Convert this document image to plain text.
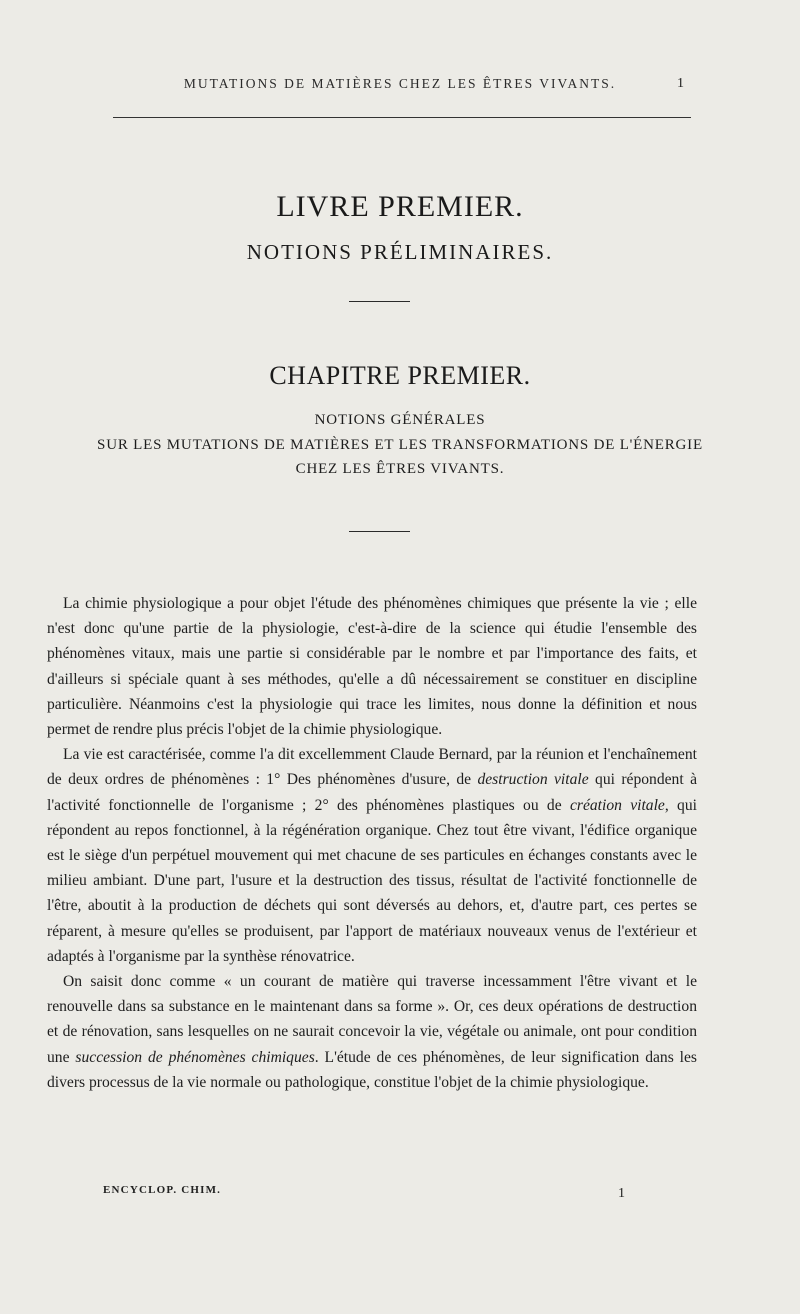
MUTATIONS DE MATIÈRES CHEZ LES ÊTRES VIVANTS.	1
LIVRE PREMIER.
NOTIONS PRÉLIMINAIRES.
CHAPITRE PREMIER.
NOTIONS GÉNÉRALES
SUR LES MUTATIONS DE MATIÈRES ET LES TRANSFORMATIONS DE L'ÉNERGIE
CHEZ LES ÊTRES VIVANTS.

La chimie physiologique a pour objet l'étude des phénomènes chimiques que présente la vie ; elle n'est donc qu'une partie de la physiologie, c'est-à-dire de la science qui étudie l'ensemble des phénomènes vitaux, mais une partie si considérable par le nombre et par l'importance des faits, et d'ailleurs si spéciale quant à ses méthodes, qu'elle a dû nécessairement se constituer en discipline particulière. Néanmoins c'est la physiologie qui trace les limites, nous donne la définition et nous permet de rendre plus précis l'objet de la chimie physiologique.

La vie est caractérisée, comme l'a dit excellemment Claude Bernard, par la réunion et l'enchaînement de deux ordres de phénomènes : 1° Des phénomènes d'usure, de destruction vitale qui répondent à l'activité fonctionnelle de l'organisme ; 2° des phénomènes plastiques ou de création vitale, qui répondent au repos fonctionnel, à la régénération organique. Chez tout être vivant, l'édifice organique est le siège d'un perpétuel mouvement qui met chacune de ses particules en échanges constants avec le milieu ambiant. D'une part, l'usure et la destruction des tissus, résultat de l'activité fonctionnelle de l'être, aboutit à la production de déchets qui sont déversés au dehors, et, d'autre part, ces pertes se réparent, à mesure qu'elles se produisent, par l'apport de matériaux nouveaux venus de l'extérieur et adaptés à l'organisme par la synthèse rénovatrice.

On saisit donc comme « un courant de matière qui traverse incessamment l'être vivant et le renouvelle dans sa substance en le maintenant dans sa forme ». Or, ces deux opérations de destruction et de rénovation, sans lesquelles on ne saurait concevoir la vie, végétale ou animale, ont pour condition une succession de phénomènes chimiques. L'étude de ces phénomènes, de leur signification dans les divers processus de la vie normale ou pathologique, constitue l'objet de la chimie physiologique.

ENCYCLOP. CHIM.	1
